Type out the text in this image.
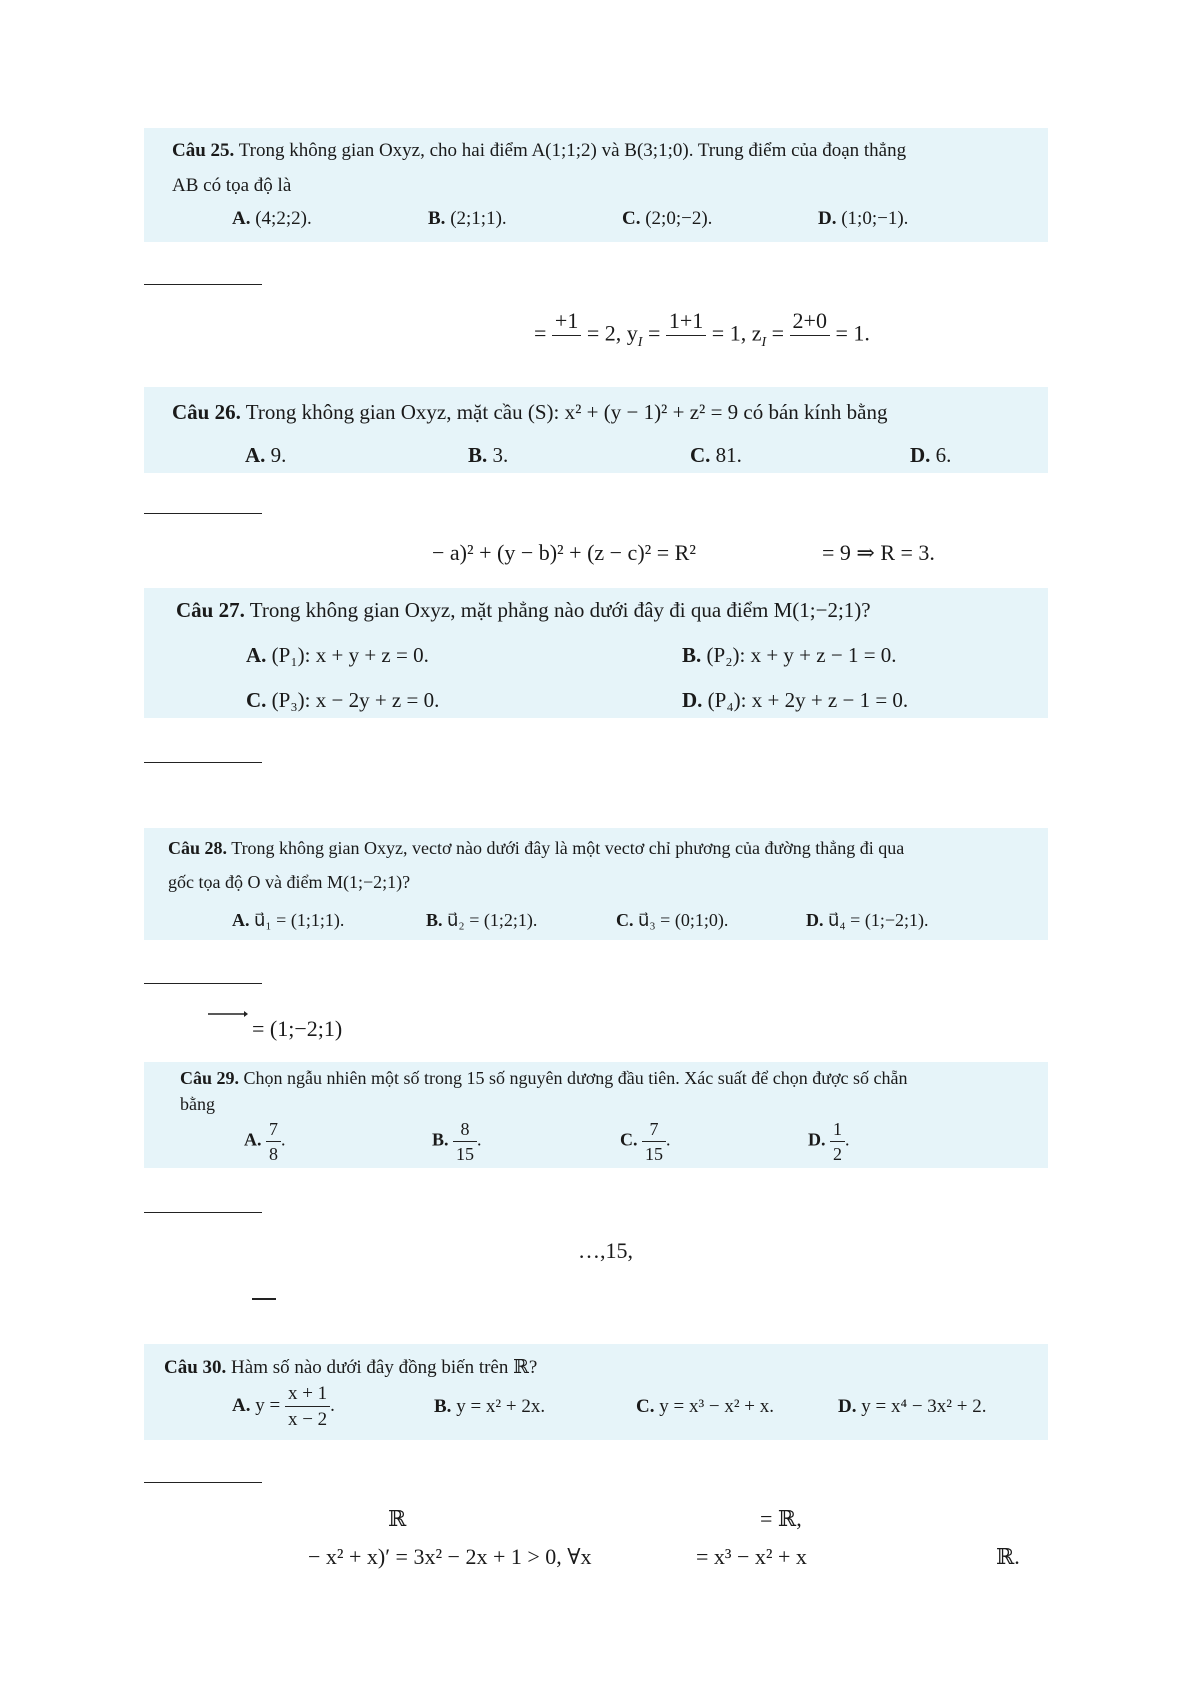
Câu 25. Trong không gian Oxyz, cho hai điểm A(1;1;2) và B(3;1;0). Trung điểm của đoạn thẳng
AB có tọa độ là
A. (4;2;2).	B. (2;1;1).	C. (2;0;−2).	D. (1;0;−1).
=
+1

= 2, $y_I$ =
1+1

= 1, $z_I$ =
2+0

= 1.
Câu 26. Trong không gian Oxyz, mặt cầu (S): x² + (y − 1)² + z² = 9 có bán kính bằng
A. 9.	B. 3.	C. 81.	D. 6.
− a)² + (y − b)² + (z − c)² = R²	= 9 ⇒ R = 3.
Câu 27. Trong không gian Oxyz, mặt phẳng nào dưới đây đi qua điểm M(1;−2;1)?
A. (P₁): x + y + z = 0.	B. (P₂): x + y + z − 1 = 0.
C. (P₃): x − 2y + z = 0.	D. (P₄): x + 2y + z − 1 = 0.
Câu 28. Trong không gian Oxyz, vectơ nào dưới đây là một vectơ chỉ phương của đường thẳng đi qua
gốc tọa độ O và điểm M(1;−2;1)?
A. u⃗₁ = (1;1;1).	B. u⃗₂ = (1;2;1).	C. u⃗₃ = (0;1;0).	D. u⃗₄ = (1;−2;1).
= (1;−2;1)
Câu 29. Chọn ngẫu nhiên một số trong 15 số nguyên dương đầu tiên. Xác suất để chọn được số chẵn
bằng
A. $\frac{7}{8}$ .	B. $\frac{8}{15}$ .	C. $\frac{7}{15}$ .	D. $\frac{1}{2}$ .
…,15,
Câu 30. Hàm số nào dưới đây đồng biến trên ℝ?
A. $y = \frac{x + 1}{x - 2}$ .	B. y = x² + 2x.	C. y = x³ − x² + x.	D. y = x⁴ − 3x² + 2.
ℝ	= ℝ,
− x² + x)′ = 3x² − 2x + 1 > 0, ∀x	= x³ − x² + x	ℝ.
